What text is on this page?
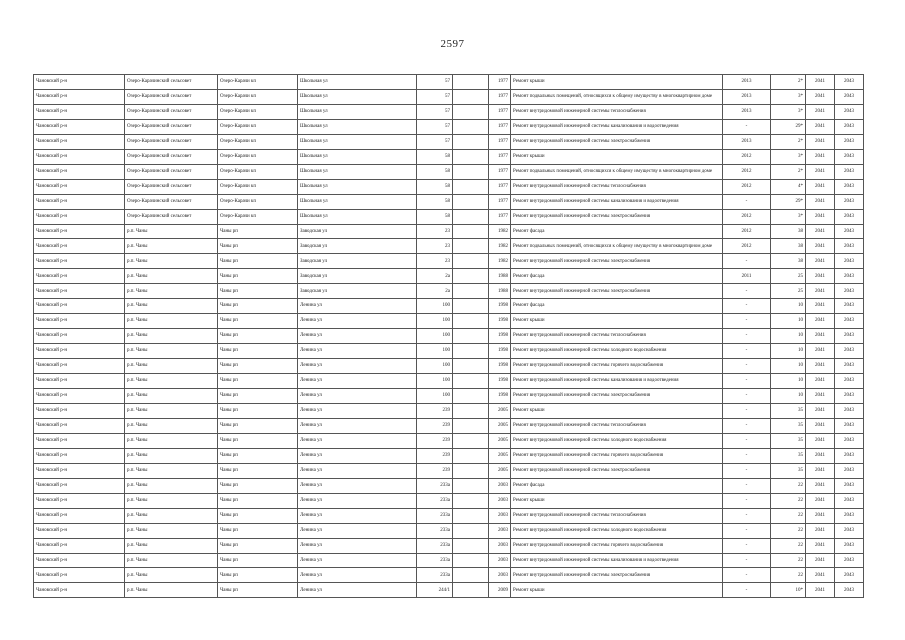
2597
Чановский р-н	Озеро-Карачинский сельсовет	Озеро-Карачи кп	Школьная ул	57		1977	Ремонт крыши	2013	2*	2041	2043
Чановский р-н	Озеро-Карачинский сельсовет	Озеро-Карачи кп	Школьная ул	57		1977	Ремонт подвальных помещений, относящихся к общему имуществу в многоквартирном доме	2013	3*	2041	2043
Чановский р-н	Озеро-Карачинский сельсовет	Озеро-Карачи кп	Школьная ул	57		1977	Ремонт внутридомовой инженерной системы теплоснабжения	2013	3*	2041	2043
Чановский р-н	Озеро-Карачинский сельсовет	Озеро-Карачи кп	Школьная ул	57		1977	Ремонт внутридомовой инженерной системы канализования и водоотведения	-	29*	2041	2043
Чановский р-н	Озеро-Карачинский сельсовет	Озеро-Карачи кп	Школьная ул	57		1977	Ремонт внутридомовой инженерной системы электроснабжения	2013	2*	2041	2043
Чановский р-н	Озеро-Карачинский сельсовет	Озеро-Карачи кп	Школьная ул	58		1977	Ремонт крыши	2012	3*	2041	2043
Чановский р-н	Озеро-Карачинский сельсовет	Озеро-Карачи кп	Школьная ул	58		1977	Ремонт подвальных помещений, относящихся к общему имуществу в многоквартирном доме	2012	2*	2041	2043
Чановский р-н	Озеро-Карачинский сельсовет	Озеро-Карачи кп	Школьная ул	58		1977	Ремонт внутридомовой инженерной системы теплоснабжения	2012	4*	2041	2043
Чановский р-н	Озеро-Карачинский сельсовет	Озеро-Карачи кп	Школьная ул	58		1977	Ремонт внутридомовой инженерной системы канализования и водоотведения	-	29*	2041	2043
Чановский р-н	Озеро-Карачинский сельсовет	Озеро-Карачи кп	Школьная ул	58		1977	Ремонт внутридомовой инженерной системы электроснабжения	2012	3*	2041	2043
Чановский р-н	р.п. Чаны	Чаны рп	Заводская ул	23		1982	Ремонт фасада	2012	38	2041	2043
Чановский р-н	р.п. Чаны	Чаны рп	Заводская ул	23		1982	Ремонт подвальных помещений, относящихся к общему имуществу в многоквартирном доме	2012	38	2041	2043
Чановский р-н	р.п. Чаны	Чаны рп	Заводская ул	23		1982	Ремонт внутридомовой инженерной системы электроснабжения	-	38	2041	2043
Чановский р-н	р.п. Чаны	Чаны рп	Заводская ул	2a		1988	Ремонт фасада	2011	25	2041	2043
Чановский р-н	р.п. Чаны	Чаны рп	Заводская ул	2a		1988	Ремонт внутридомовой инженерной системы электроснабжения	-	25	2041	2043
Чановский р-н	р.п. Чаны	Чаны рп	Ленина ул	100		1998	Ремонт фасада	-	10	2041	2043
Чановский р-н	р.п. Чаны	Чаны рп	Ленина ул	100		1998	Ремонт крыши	-	10	2041	2043
Чановский р-н	р.п. Чаны	Чаны рп	Ленина ул	100		1998	Ремонт внутридомовой инженерной системы теплоснабжения	-	10	2041	2043
Чановский р-н	р.п. Чаны	Чаны рп	Ленина ул	100		1998	Ремонт внутридомовой инженерной системы холодного водоснабжения	-	10	2041	2043
Чановский р-н	р.п. Чаны	Чаны рп	Ленина ул	100		1998	Ремонт внутридомовой инженерной системы горячего водоснабжения	-	10	2041	2043
Чановский р-н	р.п. Чаны	Чаны рп	Ленина ул	100		1998	Ремонт внутридомовой инженерной системы канализования и водоотведения	-	10	2041	2043
Чановский р-н	р.п. Чаны	Чаны рп	Ленина ул	100		1998	Ремонт внутридомовой инженерной системы электроснабжения	-	10	2041	2043
Чановский р-н	р.п. Чаны	Чаны рп	Ленина ул	239		2005	Ремонт крыши	-	35	2041	2043
Чановский р-н	р.п. Чаны	Чаны рп	Ленина ул	239		2005	Ремонт внутридомовой инженерной системы теплоснабжения	-	35	2041	2043
Чановский р-н	р.п. Чаны	Чаны рп	Ленина ул	239		2005	Ремонт внутридомовой инженерной системы холодного водоснабжения	-	35	2041	2043
Чановский р-н	р.п. Чаны	Чаны рп	Ленина ул	239		2005	Ремонт внутридомовой инженерной системы горячего водоснабжения	-	35	2041	2043
Чановский р-н	р.п. Чаны	Чаны рп	Ленина ул	239		2005	Ремонт внутридомовой инженерной системы электроснабжения	-	35	2041	2043
Чановский р-н	р.п. Чаны	Чаны рп	Ленина ул	233а		2003	Ремонт фасада	-	22	2041	2043
Чановский р-н	р.п. Чаны	Чаны рп	Ленина ул	233а		2003	Ремонт крыши	-	22	2041	2043
Чановский р-н	р.п. Чаны	Чаны рп	Ленина ул	233а		2003	Ремонт внутридомовой инженерной системы теплоснабжения	-	22	2041	2043
Чановский р-н	р.п. Чаны	Чаны рп	Ленина ул	233а		2003	Ремонт внутридомовой инженерной системы холодного водоснабжения	-	22	2041	2043
Чановский р-н	р.п. Чаны	Чаны рп	Ленина ул	233а		2003	Ремонт внутридомовой инженерной системы горячего водоснабжения	-	22	2041	2043
Чановский р-н	р.п. Чаны	Чаны рп	Ленина ул	233а		2003	Ремонт внутридомовой инженерной системы канализования и водоотведения	-	22	2041	2043
Чановский р-н	р.п. Чаны	Чаны рп	Ленина ул	233а		2003	Ремонт внутридомовой инженерной системы электроснабжения	-	22	2041	2043
Чановский р-н	р.п. Чаны	Чаны рп	Ленина ул	244/1		2009	Ремонт крыши	-	10*	2041	2043
